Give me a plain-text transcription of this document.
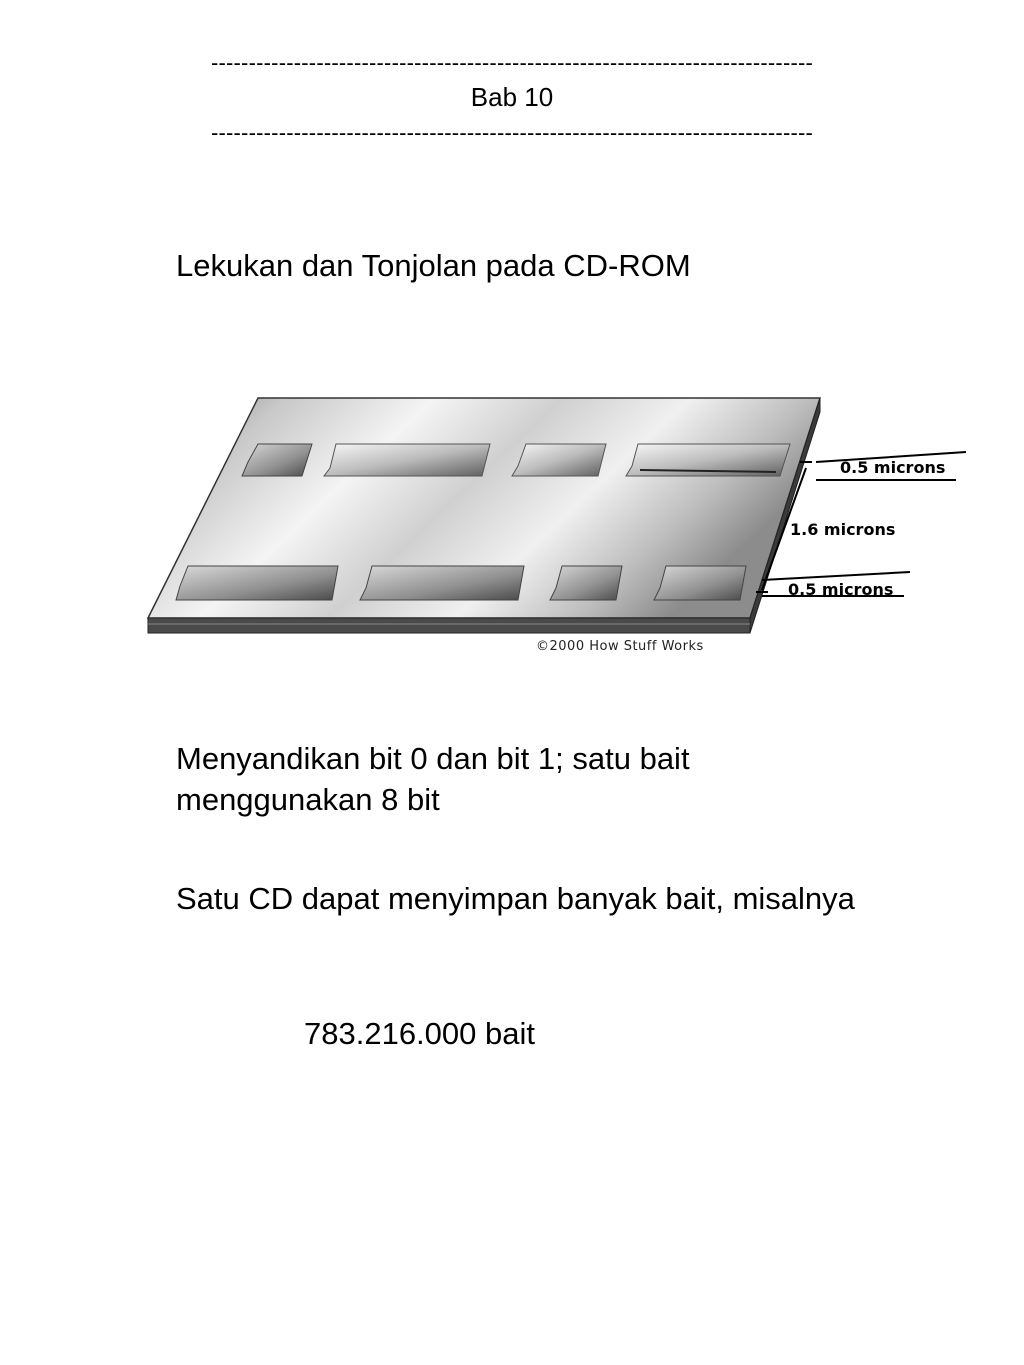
--------------------------------------------------------------------------------
Bab 10
--------------------------------------------------------------------------------
Lekukan dan Tonjolan pada CD-ROM
0.5 microns
1.6 microns
0.5 microns
©2000 How Stuff Works
Menyandikan bit 0 dan bit 1; satu bait menggunakan 8 bit
Satu CD dapat menyimpan banyak bait, misalnya
783.216.000 bait
